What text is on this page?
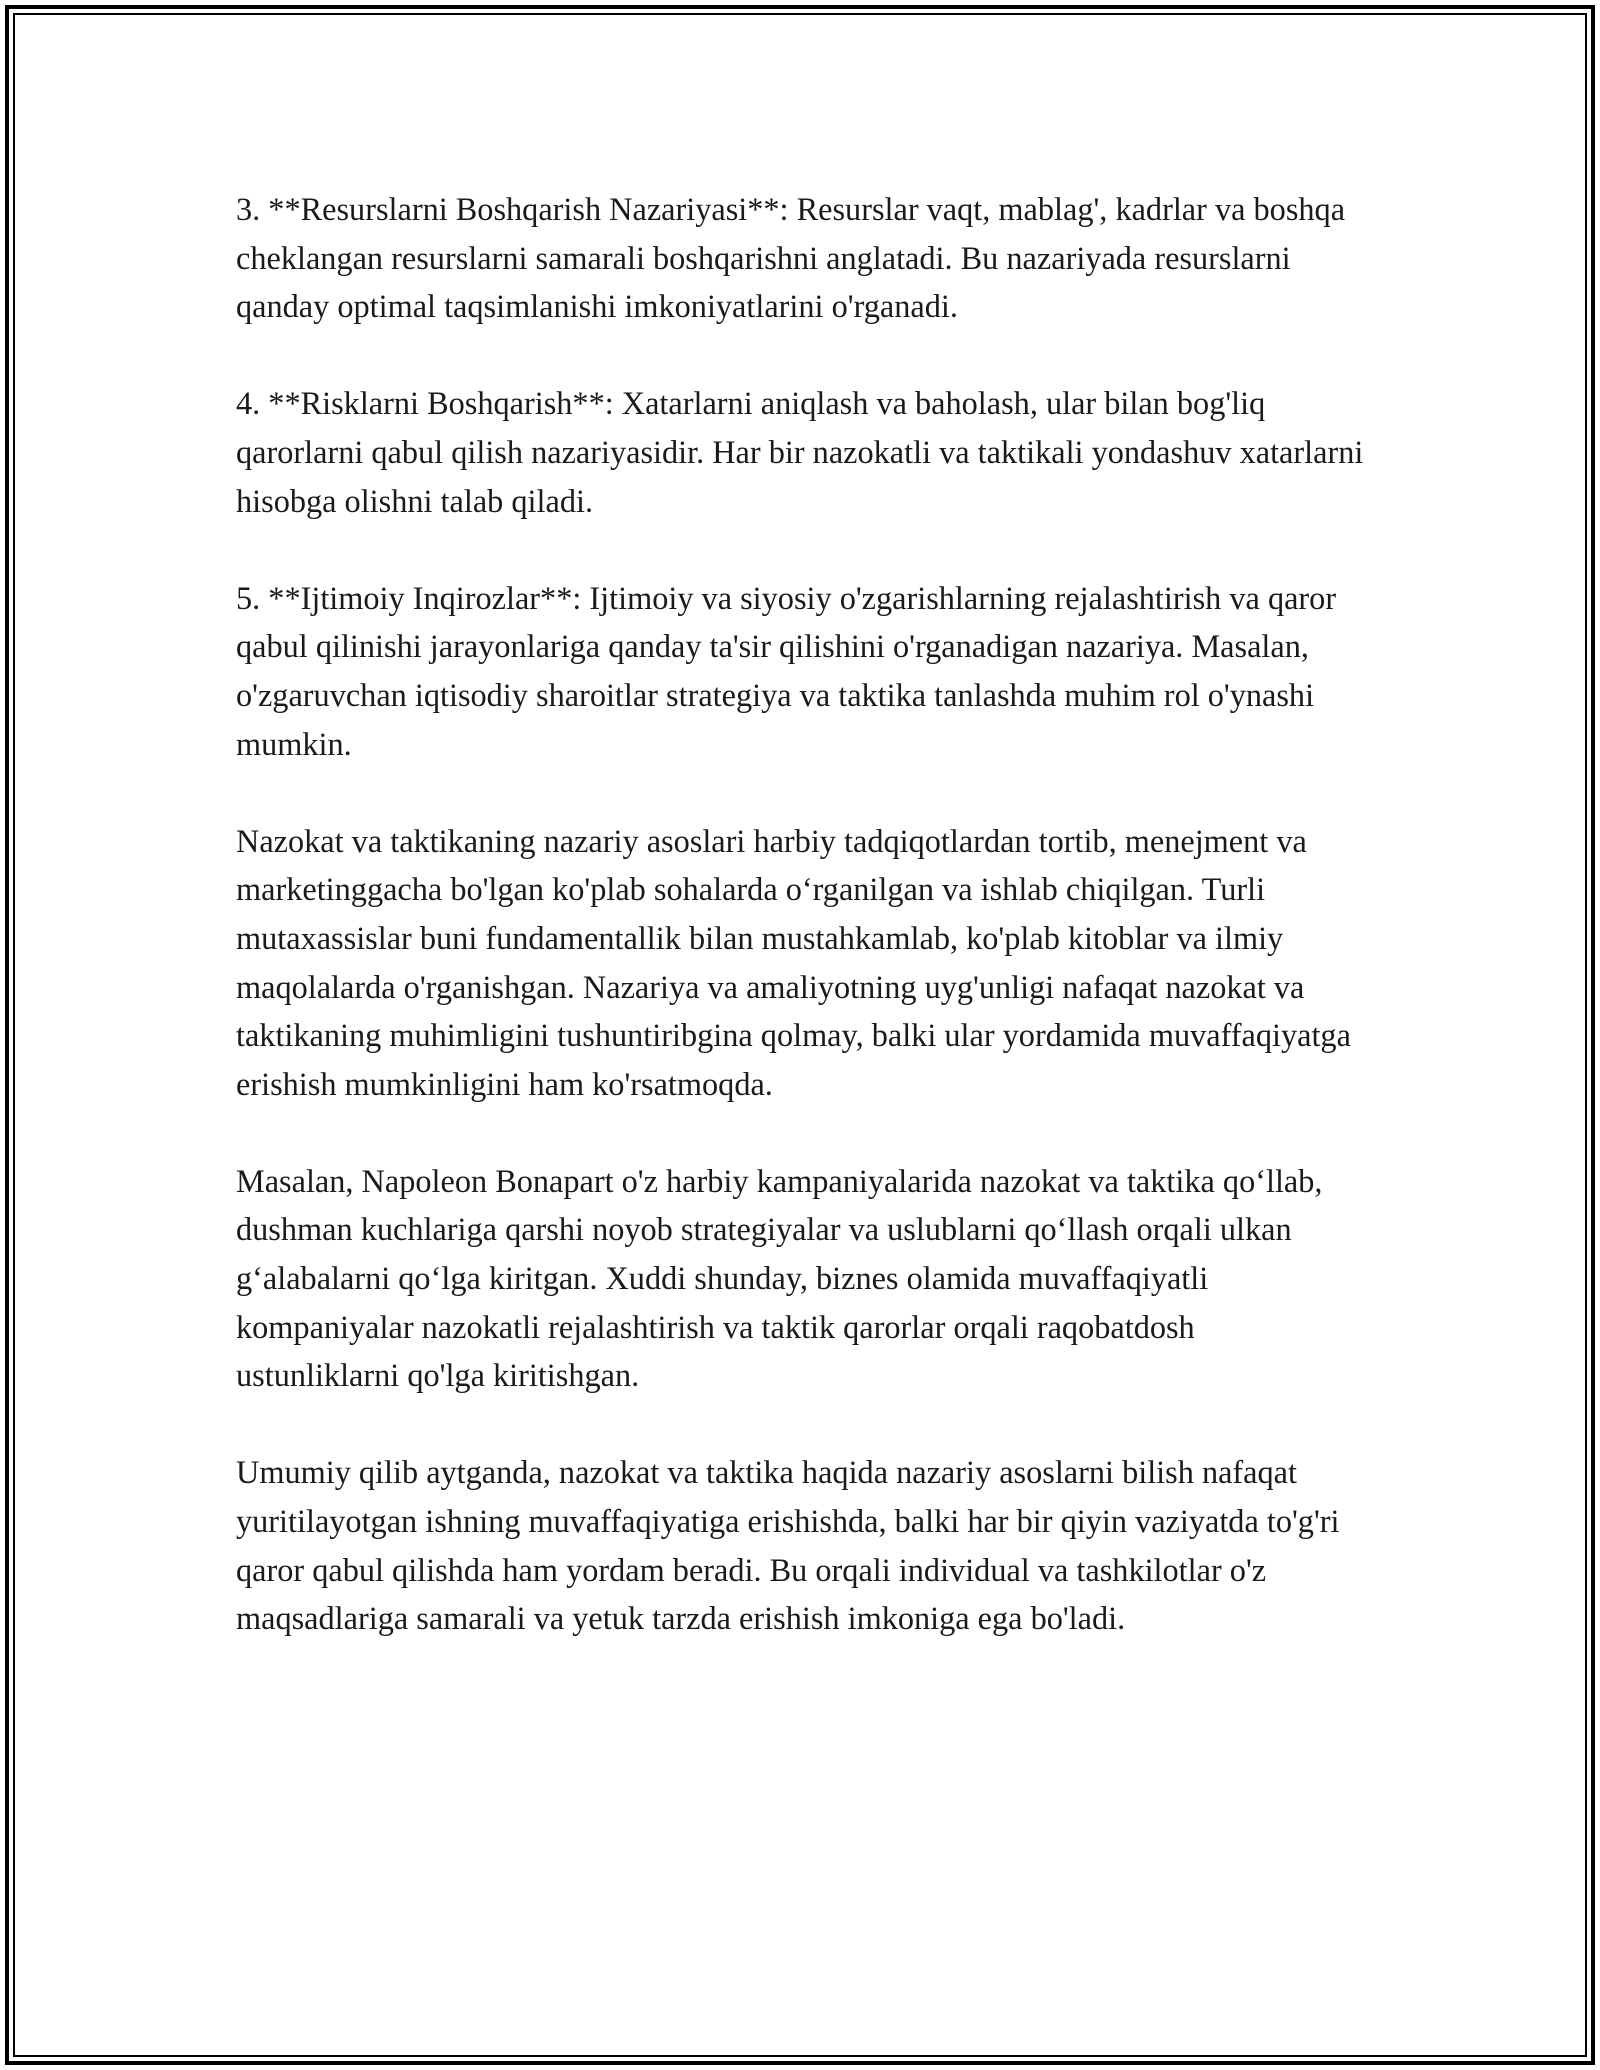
3. **Resurslarni Boshqarish Nazariyasi**: Resurslar vaqt, mablag', kadrlar va boshqa cheklangan resurslarni samarali boshqarishni anglatadi. Bu nazariyada resurslarni qanday optimal taqsimlanishi imkoniyatlarini o'rganadi.

4. **Risklarni Boshqarish**: Xatarlarni aniqlash va baholash, ular bilan bog'liq qarorlarni qabul qilish nazariyasidir. Har bir nazokatli va taktikali yondashuv xatarlarni hisobga olishni talab qiladi.

5. **Ijtimoiy Inqirozlar**: Ijtimoiy va siyosiy o'zgarishlarning rejalashtirish va qaror qabul qilinishi jarayonlariga qanday ta'sir qilishini o'rganadigan nazariya. Masalan, o'zgaruvchan iqtisodiy sharoitlar strategiya va taktika tanlashda muhim rol o'ynashi mumkin.

Nazokat va taktikaning nazariy asoslari harbiy tadqiqotlardan tortib, menejment va marketinggacha bo'lgan ko'plab sohalarda oʻrganilgan va ishlab chiqilgan. Turli mutaxassislar buni fundamentallik bilan mustahkamlab, ko'plab kitoblar va ilmiy maqolalarda o'rganishgan. Nazariya va amaliyotning uyg'unligi nafaqat nazokat va taktikaning muhimligini tushuntiribgina qolmay, balki ular yordamida muvaffaqiyatga erishish mumkinligini ham ko'rsatmoqda.

Masalan, Napoleon Bonapart o'z harbiy kampaniyalarida nazokat va taktika qoʻllab, dushman kuchlariga qarshi noyob strategiyalar va uslublarni qoʻllash orqali ulkan gʻalabalarni qoʻlga kiritgan. Xuddi shunday, biznes olamida muvaffaqiyatli kompaniyalar nazokatli rejalashtirish va taktik qarorlar orqali raqobatdosh ustunliklarni qo'lga kiritishgan.

Umumiy qilib aytganda, nazokat va taktika haqida nazariy asoslarni bilish nafaqat yuritilayotgan ishning muvaffaqiyatiga erishishda, balki har bir qiyin vaziyatda to'g'ri qaror qabul qilishda ham yordam beradi. Bu orqali individual va tashkilotlar o'z maqsadlariga samarali va yetuk tarzda erishish imkoniga ega bo'ladi.
